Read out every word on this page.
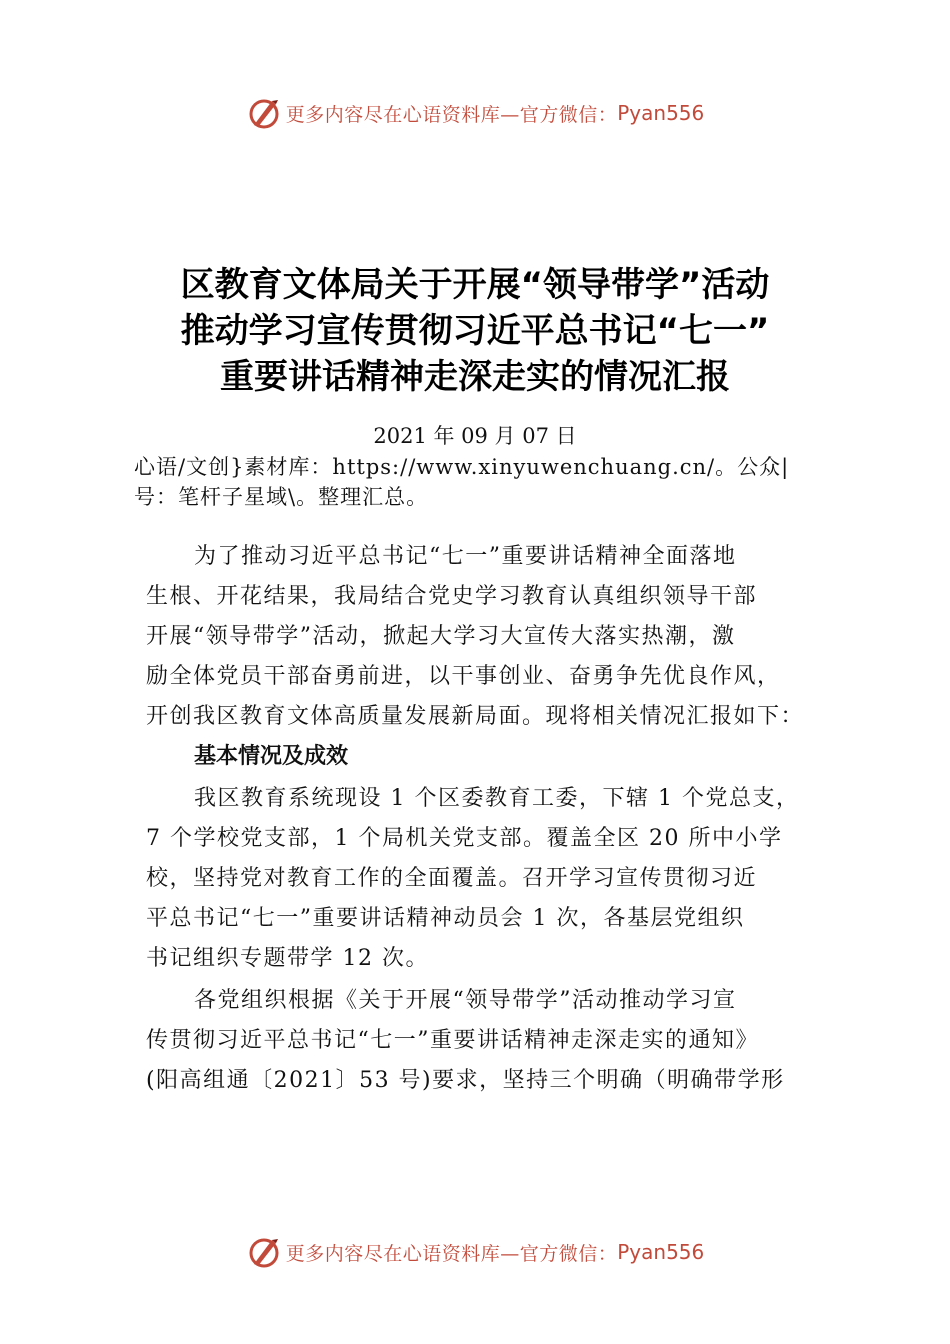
更多内容尽在心语资料库—官方微信： Pyan556
区教育文体局关于开展“领导带学”活动
推动学习宣传贯彻习近平总书记“七一”
重要讲话精神走深走实的情况汇报
2021 年 09 月 07 日
心语/文创}素材库：https://www.xinyuwenchuang.cn/。公众|
号：笔杆子星域\。整理汇总。
为了推动习近平总书记“七一”重要讲话精神全面落地
生根、开花结果，我局结合党史学习教育认真组织领导干部
开展“领导带学”活动，掀起大学习大宣传大落实热潮，激
励全体党员干部奋勇前进，以干事创业、奋勇争先优良作风，
开创我区教育文体高质量发展新局面。现将相关情况汇报如下：
基本情况及成效
我区教育系统现设 1 个区委教育工委，下辖 1 个党总支，
7 个学校党支部，1 个局机关党支部。覆盖全区 20 所中小学
校，坚持党对教育工作的全面覆盖。召开学习宣传贯彻习近
平总书记“七一”重要讲话精神动员会 1 次，各基层党组织
书记组织专题带学 12 次。
各党组织根据《关于开展“领导带学”活动推动学习宣
传贯彻习近平总书记“七一”重要讲话精神走深走实的通知》
(阳高组通〔2021〕53 号)要求，坚持三个明确（明确带学形
更多内容尽在心语资料库—官方微信： Pyan556
